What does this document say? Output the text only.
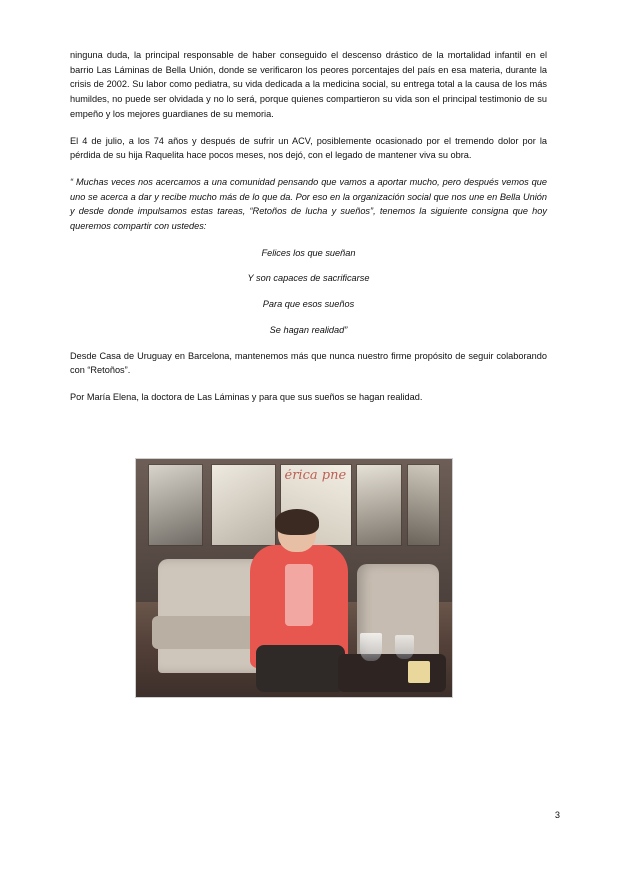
ninguna duda, la principal responsable de haber conseguido el descenso drástico de la mortalidad infantil en el barrio Las Láminas de Bella Unión, donde se verificaron los peores porcentajes del país en esa materia, durante la crisis de 2002. Su labor como pediatra, su vida dedicada a la medicina social, su entrega total a la causa de los más humildes, no puede ser olvidada y no lo será, porque quienes compartieron su vida son el principal testimonio de su empeño y los mejores guardianes de su memoria.

El 4 de julio, a los 74 años y después de sufrir un ACV, posiblemente ocasionado por el tremendo dolor por la pérdida de su hija Raquelita hace pocos meses, nos dejó, con el legado de mantener viva su obra.

“ Muchas veces nos acercamos a una comunidad pensando que vamos a aportar mucho, pero después vemos que uno se acerca a dar y recibe mucho más de lo que da. Por eso en la organización social que nos une en Bella Unión y desde donde impulsamos estas tareas, “Retoños de lucha y sueños”, tenemos la siguiente consigna que hoy queremos compartir con ustedes:

Felices los que sueñan

Y son capaces de sacrificarse

Para que esos sueños

Se hagan realidad”

Desde Casa de Uruguay en Barcelona, mantenemos más que nunca nuestro firme propósito de seguir colaborando con “Retoños”.

Por María Elena, la doctora de Las Láminas y para que sus sueños se hagan realidad.

érica pne
3
